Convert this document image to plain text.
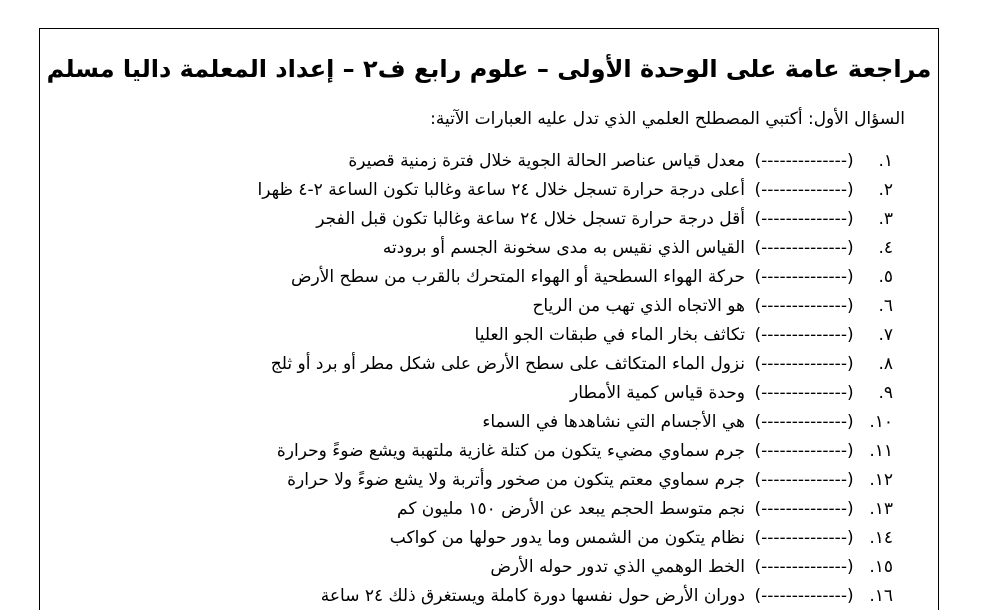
مراجعة عامة على الوحدة الأولى – علوم رابع ف٢ – إعداد المعلمة داليا مسلم
السؤال الأول: أكتبي المصطلح العلمي الذي تدل عليه العبارات الآتية:
١. (--------------) معدل قياس عناصر الحالة الجوية خلال فترة زمنية قصيرة
٢. (--------------) أعلى درجة حرارة تسجل خلال ٢٤ ساعة وغالبا تكون الساعة ٢-٤ ظهرا
٣. (--------------) أقل درجة حرارة تسجل خلال ٢٤ ساعة وغالبا تكون قبل الفجر
٤. (--------------) القياس الذي نقيس به مدى سخونة الجسم أو برودته
٥. (--------------) حركة الهواء السطحية أو الهواء المتحرك بالقرب من سطح الأرض
٦. (--------------) هو الاتجاه الذي تهب من الرياح
٧. (--------------) تكاثف بخار الماء في طبقات الجو العليا
٨. (--------------) نزول الماء المتكاثف على سطح الأرض على شكل مطر أو برد أو ثلج
٩. (--------------) وحدة قياس كمية الأمطار
١٠. (--------------) هي الأجسام التي نشاهدها في السماء
١١. (--------------) جرم سماوي مضيء يتكون من كتلة غازية ملتهبة ويشع ضوءً وحرارة
١٢. (--------------) جرم سماوي معتم يتكون من صخور وأتربة ولا يشع ضوءً ولا حرارة
١٣. (--------------) نجم متوسط الحجم يبعد عن الأرض ١٥٠ مليون كم
١٤. (--------------) نظام يتكون من الشمس وما يدور حولها من كواكب
١٥. (--------------) الخط الوهمي الذي تدور حوله الأرض
١٦. (--------------) دوران الأرض حول نفسها دورة كاملة ويستغرق ذلك ٢٤ ساعة
